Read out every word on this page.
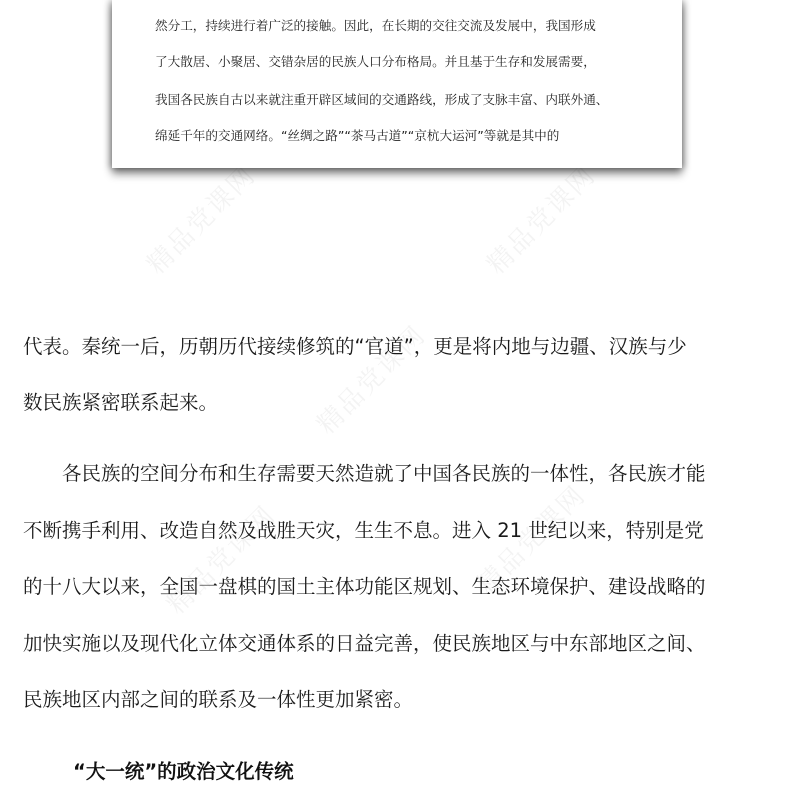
精品党课网	精品党课网
精品党课网
精品党课网	精品党课网
然分工，持续进行着广泛的接触。因此，在长期的交往交流及发展中，我国形成
了大散居、小聚居、交错杂居的民族人口分布格局。并且基于生存和发展需要，
我国各民族自古以来就注重开辟区域间的交通路线，形成了支脉丰富、内联外通、
绵延千年的交通网络。“丝绸之路”“茶马古道”“京杭大运河”等就是其中的
代表。秦统一后，历朝历代接续修筑的“官道”，更是将内地与边疆、汉族与少
数民族紧密联系起来。
各民族的空间分布和生存需要天然造就了中国各民族的一体性，各民族才能
不断携手利用、改造自然及战胜天灾，生生不息。进入 21 世纪以来，特别是党
的十八大以来，全国一盘棋的国土主体功能区规划、生态环境保护、建设战略的
加快实施以及现代化立体交通体系的日益完善，使民族地区与中东部地区之间、
民族地区内部之间的联系及一体性更加紧密。
“大一统”的政治文化传统
